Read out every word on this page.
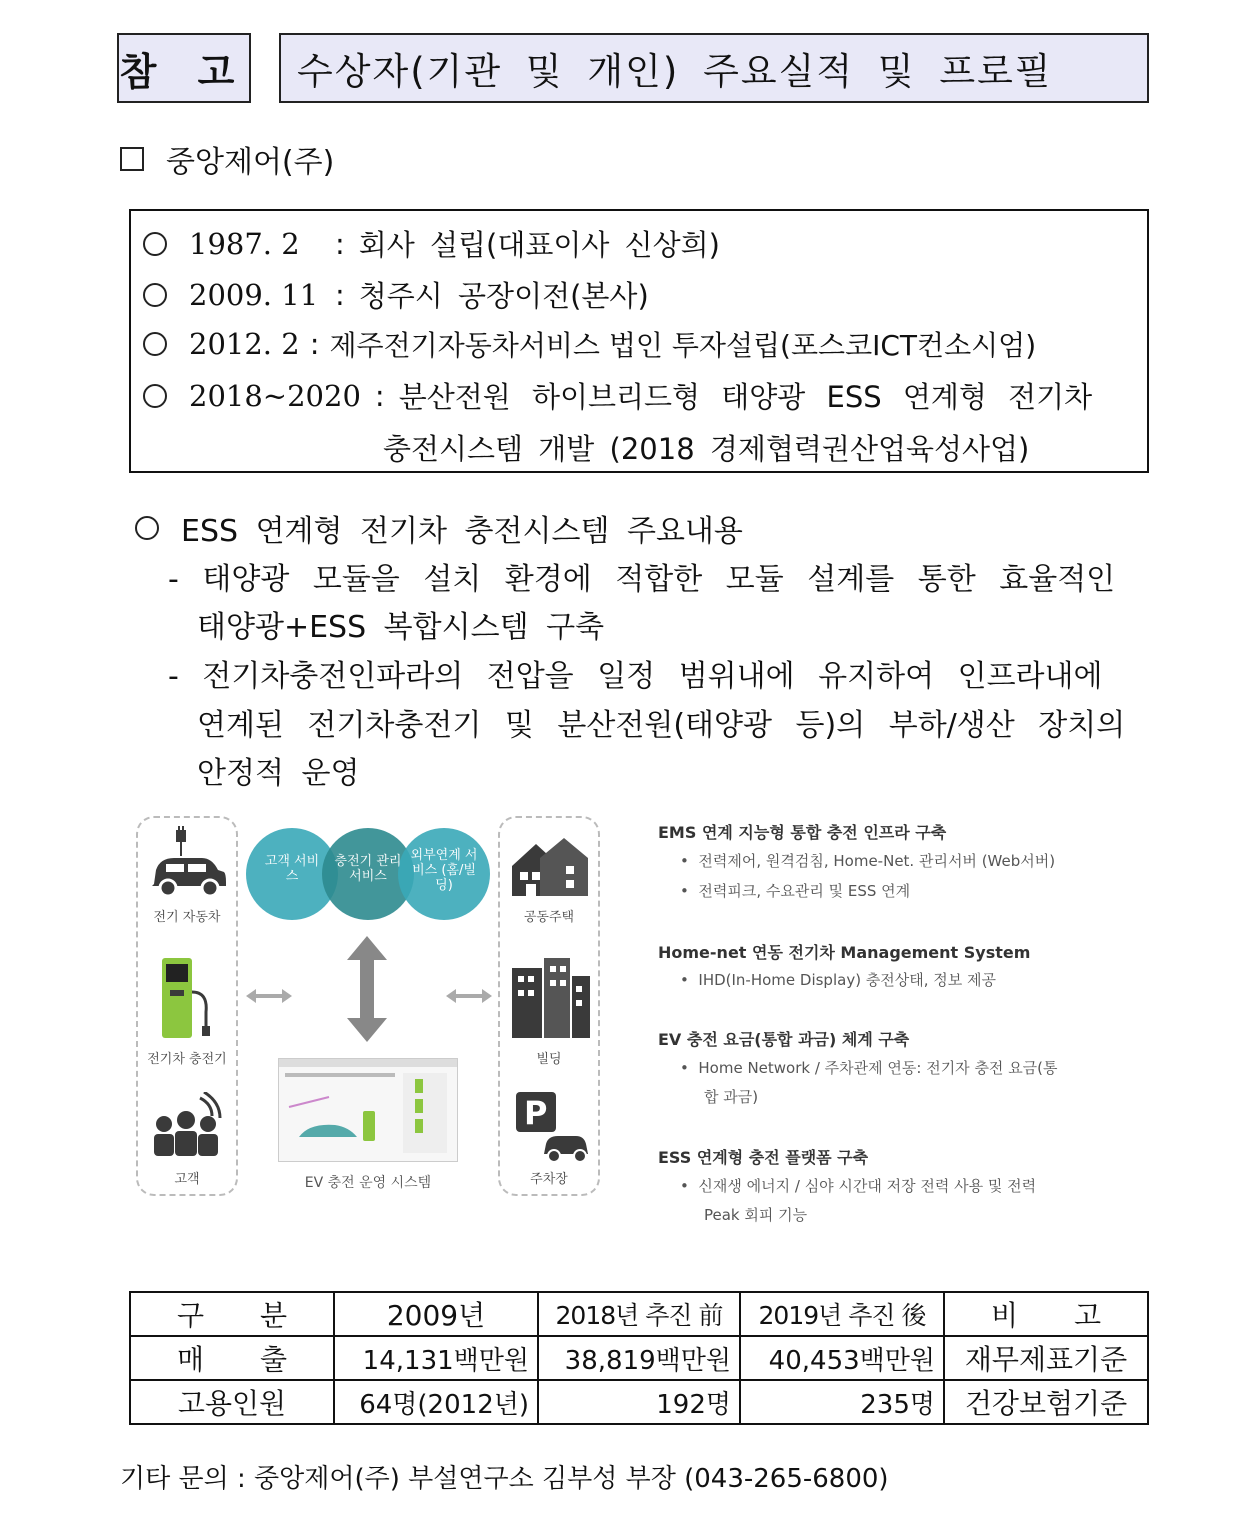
참 고	수상자(기관 및 개인) 주요실적 및 프로필
중앙제어(주)
1987. 2	: 회사 설립(대표이사 신상희)
2009. 11 : 청주시 공장이전(본사)
2012. 2 : 제주전기자동차서비스 법인 투자설립(포스코ICT컨소시엄)
2018~2020 : 분산전원 하이브리드형 태양광 ESS 연계형 전기차
충전시스템 개발 (2018 경제협력권산업육성사업)
ESS 연계형 전기차 충전시스템 주요내용
- 태양광 모듈을 설치 환경에 적합한 모듈 설계를 통한 효율적인
태양광+ESS 복합시스템 구축
- 전기차충전인파라의 전압을 일정 범위내에 유지하여 인프라내에
연계된 전기차충전기 및 분산전원(태양광 등)의 부하/생산 장치의
안정적 운영
전기 자동차
전기차 충전기
고객
고객 서비스
충전기 관리서비스
외부연계 서비스 (홈/빌딩)
EV 충전 운영 시스템
공동주택
빌딩
P
주차장
EMS 연계 지능형 통합 충전 인프라 구축
•  전력제어, 원격검침, Home-Net. 관리서버 (Web서버)
•  전력피크, 수요관리 및 ESS 연계
Home-net 연동 전기차 Management System
•  IHD(In-Home Display) 충전상태, 정보 제공
EV 충전 요금(통합 과금) 체계 구축
•  Home Network / 주차관제 연동: 전기자 충전 요금(통
합 과금)
ESS 연계형 충전 플랫폼 구축
•  신재생 에너지 / 심야 시간대 저장 전력 사용 및 전력
Peak 회피 기능
구　　분	2009년	2018년 추진 前	2019년 추진 後	비　　고
매　　출	14,131백만원	38,819백만원	40,453백만원	재무제표기준
고용인원	64명(2012년)	192명	235명	건강보험기준
기타 문의 : 중앙제어(주) 부설연구소 김부성 부장 (043-265-6800)
